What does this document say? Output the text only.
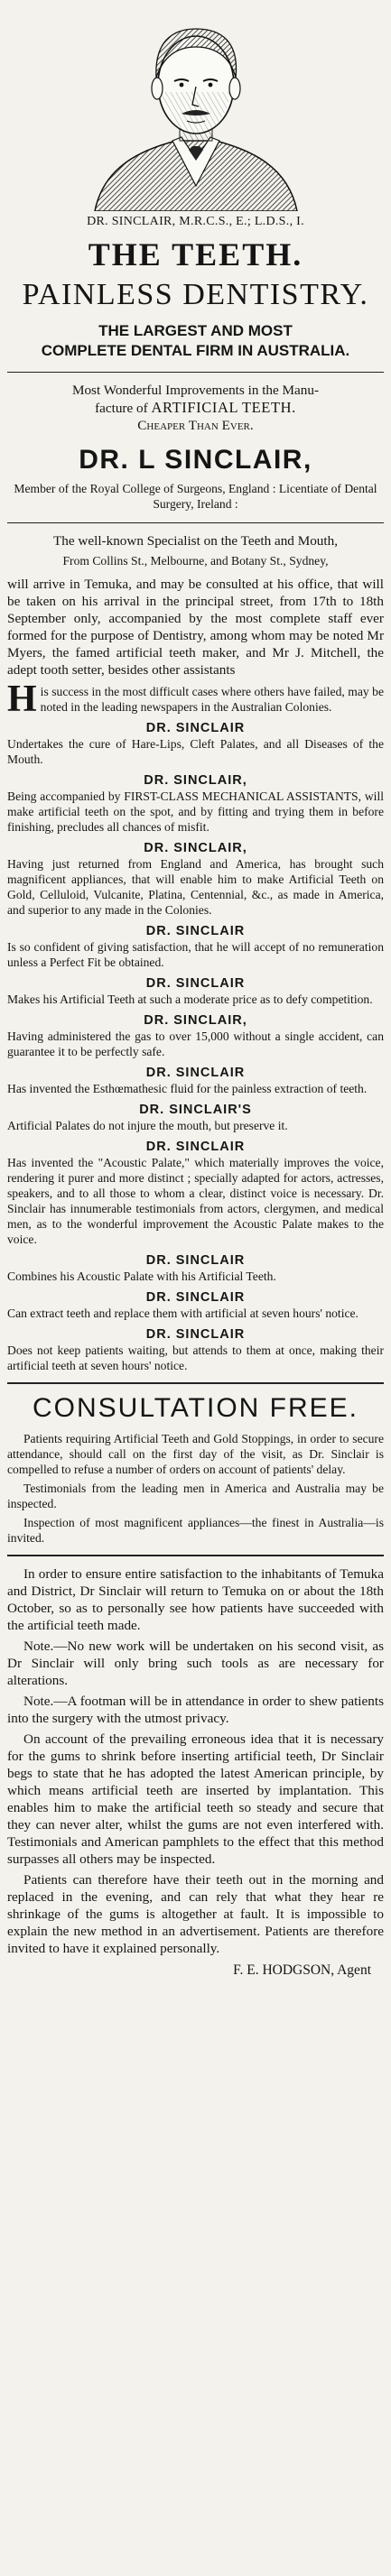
DR. SINCLAIR, M.R.C.S., E.; L.D.S., I.
THE TEETH.
PAINLESS DENTISTRY.
THE LARGEST AND MOST
COMPLETE DENTAL FIRM IN AUSTRALIA.
Most Wonderful Improvements in the Manu-
facture of ARTIFICIAL TEETH.
Cheaper Than Ever.
DR. L SINCLAIR,
Member of the Royal College of Surgeons, England : Licentiate of Dental Surgery, Ireland :
The well-known Specialist on the Teeth and Mouth,
From Collins St., Melbourne, and Botany St., Sydney,

will arrive in Temuka, and may be consulted at his office, that will be taken on his arrival in the principal street, from 17th to 18th September only, accompanied by the most complete staff ever formed for the purpose of Dentistry, among whom may be noted Mr Myers, the famed artificial teeth maker, and Mr J. Mitchell, the adept tooth setter, besides other assistants

His success in the most difficult cases where others have failed, may be noted in the leading newspapers in the Australian Colonies.

DR. SINCLAIR
Undertakes the cure of Hare-Lips, Cleft Palates, and all Diseases of the Mouth.
DR. SINCLAIR,
Being accompanied by FIRST-CLASS MECHANICAL ASSISTANTS, will make artificial teeth on the spot, and by fitting and trying them in before finishing, precludes all chances of misfit.
DR. SINCLAIR,
Having just returned from England and America, has brought such magnificent appliances, that will enable him to make Artificial Teeth on Gold, Celluloid, Vulcanite, Platina, Centennial, &c., as made in America, and superior to any made in the Colonies.
DR. SINCLAIR
Is so confident of giving satisfaction, that he will accept of no remuneration unless a Perfect Fit be obtained.
DR. SINCLAIR
Makes his Artificial Teeth at such a moderate price as to defy competition.
DR. SINCLAIR,
Having administered the gas to over 15,000 without a single accident, can guarantee it to be perfectly safe.
DR. SINCLAIR
Has invented the Esthœmathesic fluid for the painless extraction of teeth.
DR. SINCLAIR'S
Artificial Palates do not injure the mouth, but preserve it.
DR. SINCLAIR
Has invented the "Acoustic Palate," which materially improves the voice, rendering it purer and more distinct ; specially adapted for actors, actresses, speakers, and to all those to whom a clear, distinct voice is necessary. Dr. Sinclair has innumerable testimonials from actors, clergymen, and medical men, as to the wonderful improvement the Acoustic Palate makes to the voice.
DR. SINCLAIR
Combines his Acoustic Palate with his Artificial Teeth.
DR. SINCLAIR
Can extract teeth and replace them with artificial at seven hours' notice.
DR. SINCLAIR
Does not keep patients waiting, but attends to them at once, making their artificial teeth at seven hours' notice.
CONSULTATION FREE.

Patients requiring Artificial Teeth and Gold Stoppings, in order to secure attendance, should call on the first day of the visit, as Dr. Sinclair is compelled to refuse a number of orders on account of patients' delay.

Testimonials from the leading men in America and Australia may be inspected.

Inspection of most magnificent appliances—the finest in Australia—is invited.

In order to ensure entire satisfaction to the inhabitants of Temuka and District, Dr Sinclair will return to Temuka on or about the 18th October, so as to personally see how patients have succeeded with the artificial teeth made.

Note.—No new work will be undertaken on his second visit, as Dr Sinclair will only bring such tools as are necessary for alterations.

Note.—A footman will be in attendance in order to shew patients into the surgery with the utmost privacy.

On account of the prevailing erroneous idea that it is necessary for the gums to shrink before inserting artificial teeth, Dr Sinclair begs to state that he has adopted the latest American principle, by which means artificial teeth are inserted by implantation. This enables him to make the artificial teeth so steady and secure that they can never alter, whilst the gums are not even interfered with. Testimonials and American pamphlets to the effect that this method surpasses all others may be inspected.

Patients can therefore have their teeth out in the morning and replaced in the evening, and can rely that what they hear re shrinkage of the gums is altogether at fault. It is impossible to explain the new method in an advertisement. Patients are therefore invited to have it explained personally.

F. E. HODGSON, Agent
